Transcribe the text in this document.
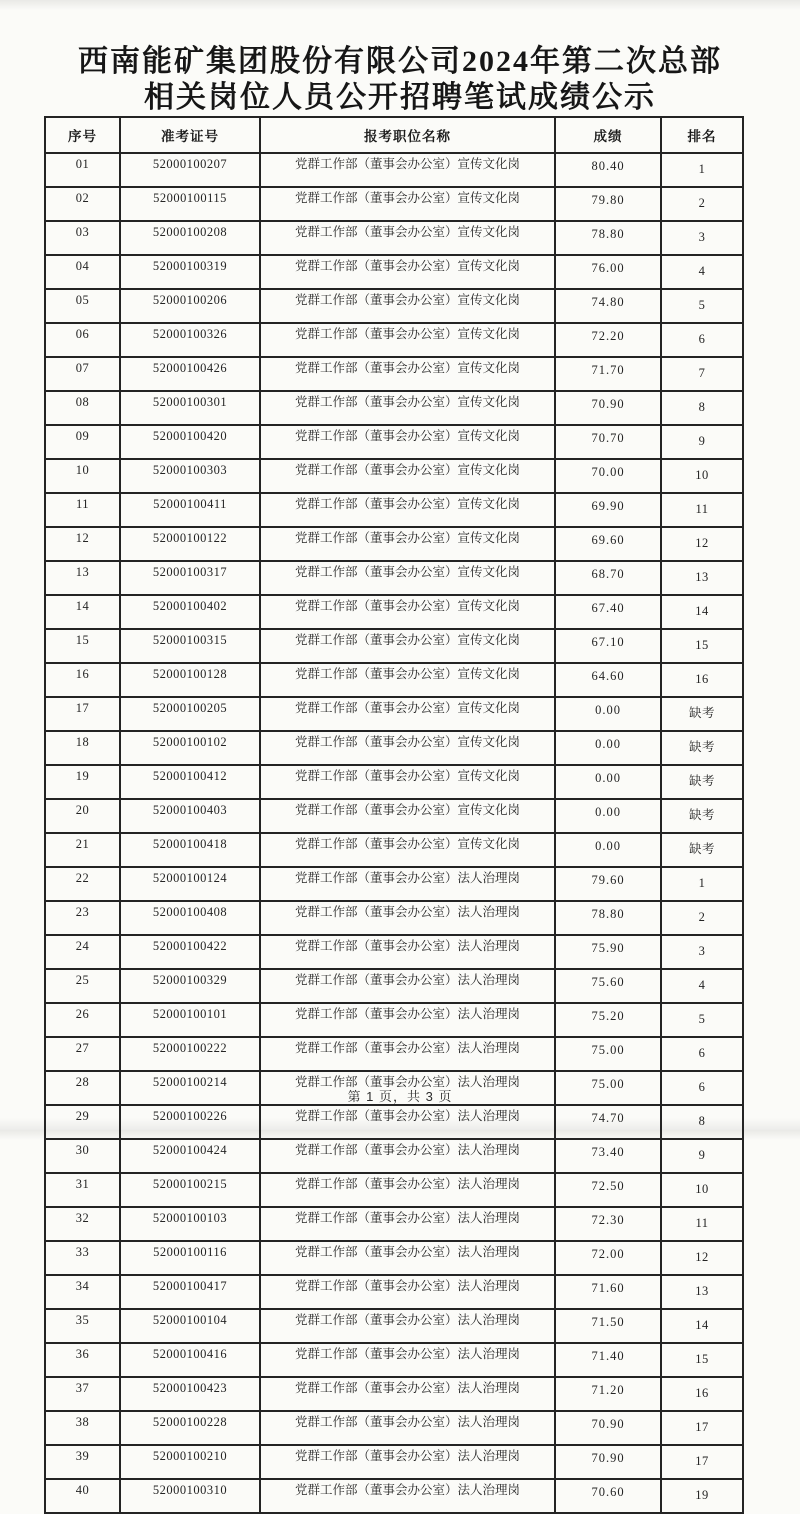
西南能矿集团股份有限公司2024年第二次总部
相关岗位人员公开招聘笔试成绩公示
序号	准考证号	报考职位名称	成绩	排名
01	52000100207	党群工作部（董事会办公室）宣传文化岗	80.40	1
02	52000100115	党群工作部（董事会办公室）宣传文化岗	79.80	2
03	52000100208	党群工作部（董事会办公室）宣传文化岗	78.80	3
04	52000100319	党群工作部（董事会办公室）宣传文化岗	76.00	4
05	52000100206	党群工作部（董事会办公室）宣传文化岗	74.80	5
06	52000100326	党群工作部（董事会办公室）宣传文化岗	72.20	6
07	52000100426	党群工作部（董事会办公室）宣传文化岗	71.70	7
08	52000100301	党群工作部（董事会办公室）宣传文化岗	70.90	8
09	52000100420	党群工作部（董事会办公室）宣传文化岗	70.70	9
10	52000100303	党群工作部（董事会办公室）宣传文化岗	70.00	10
11	52000100411	党群工作部（董事会办公室）宣传文化岗	69.90	11
12	52000100122	党群工作部（董事会办公室）宣传文化岗	69.60	12
13	52000100317	党群工作部（董事会办公室）宣传文化岗	68.70	13
14	52000100402	党群工作部（董事会办公室）宣传文化岗	67.40	14
15	52000100315	党群工作部（董事会办公室）宣传文化岗	67.10	15
16	52000100128	党群工作部（董事会办公室）宣传文化岗	64.60	16
17	52000100205	党群工作部（董事会办公室）宣传文化岗	0.00	缺考
18	52000100102	党群工作部（董事会办公室）宣传文化岗	0.00	缺考
19	52000100412	党群工作部（董事会办公室）宣传文化岗	0.00	缺考
20	52000100403	党群工作部（董事会办公室）宣传文化岗	0.00	缺考
21	52000100418	党群工作部（董事会办公室）宣传文化岗	0.00	缺考
22	52000100124	党群工作部（董事会办公室）法人治理岗	79.60	1
23	52000100408	党群工作部（董事会办公室）法人治理岗	78.80	2
24	52000100422	党群工作部（董事会办公室）法人治理岗	75.90	3
25	52000100329	党群工作部（董事会办公室）法人治理岗	75.60	4
26	52000100101	党群工作部（董事会办公室）法人治理岗	75.20	5
27	52000100222	党群工作部（董事会办公室）法人治理岗	75.00	6
28	52000100214	党群工作部（董事会办公室）法人治理岗	75.00	6
29	52000100226	党群工作部（董事会办公室）法人治理岗	74.70	8
30	52000100424	党群工作部（董事会办公室）法人治理岗	73.40	9
31	52000100215	党群工作部（董事会办公室）法人治理岗	72.50	10
32	52000100103	党群工作部（董事会办公室）法人治理岗	72.30	11
33	52000100116	党群工作部（董事会办公室）法人治理岗	72.00	12
34	52000100417	党群工作部（董事会办公室）法人治理岗	71.60	13
35	52000100104	党群工作部（董事会办公室）法人治理岗	71.50	14
36	52000100416	党群工作部（董事会办公室）法人治理岗	71.40	15
37	52000100423	党群工作部（董事会办公室）法人治理岗	71.20	16
38	52000100228	党群工作部（董事会办公室）法人治理岗	70.90	17
39	52000100210	党群工作部（董事会办公室）法人治理岗	70.90	17
40	52000100310	党群工作部（董事会办公室）法人治理岗	70.60	19
第 1 页，共 3 页
